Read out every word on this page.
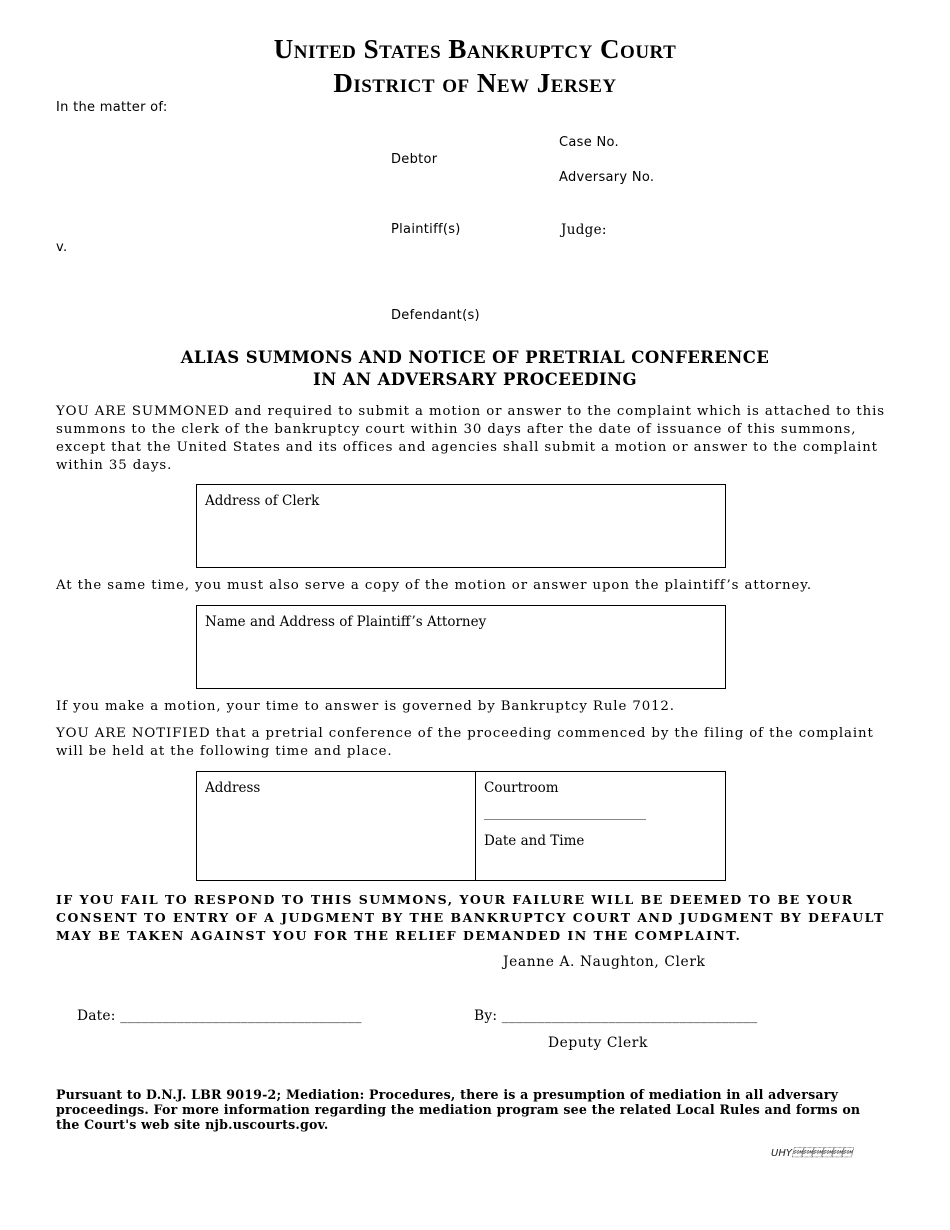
United States Bankruptcy Court
District of New Jersey
In the matter of:
Case No.
Debtor
Adversary No.
Plaintiff(s)	Judge:
v.
Defendant(s)
ALIAS SUMMONS AND NOTICE OF PRETRIAL CONFERENCE
IN AN ADVERSARY PROCEEDING
YOU ARE SUMMONED and required to submit a motion or answer to the complaint which is attached to this summons to the clerk of the bankruptcy court within 30 days after the date of issuance of this summons, except that the United States and its offices and agencies shall submit a motion or answer to the complaint within 35 days.
Address of Clerk
At the same time, you must also serve a copy of the motion or answer upon the plaintiff’s attorney.
Name and Address of Plaintiff’s Attorney
If you make a motion, your time to answer is governed by Bankruptcy Rule 7012.
YOU ARE NOTIFIED that a pretrial conference of the proceeding commenced by the filing of the complaint will be held at the following time and place.
Address	Courtroom
___________________________
Date and Time
IF YOU FAIL TO RESPOND TO THIS SUMMONS, YOUR FAILURE WILL BE DEEMED TO BE YOUR CONSENT TO ENTRY OF A JUDGMENT BY THE BANKRUPTCY COURT AND JUDGMENT BY DEFAULT MAY BE TAKEN AGAINST YOU FOR THE RELIEF DEMANDED IN THE COMPLAINT.
Jeanne A. Naughton, Clerk
Date: __________________________________	By: ____________________________________
Deputy Clerk
Pursuant to D.N.J. LBR 9019-2; Mediation: Procedures, there is a presumption of mediation in all adversary proceedings. For more information regarding the mediation program see the related Local Rules and forms on the Court's web site njb.uscourts.gov.
UHY
